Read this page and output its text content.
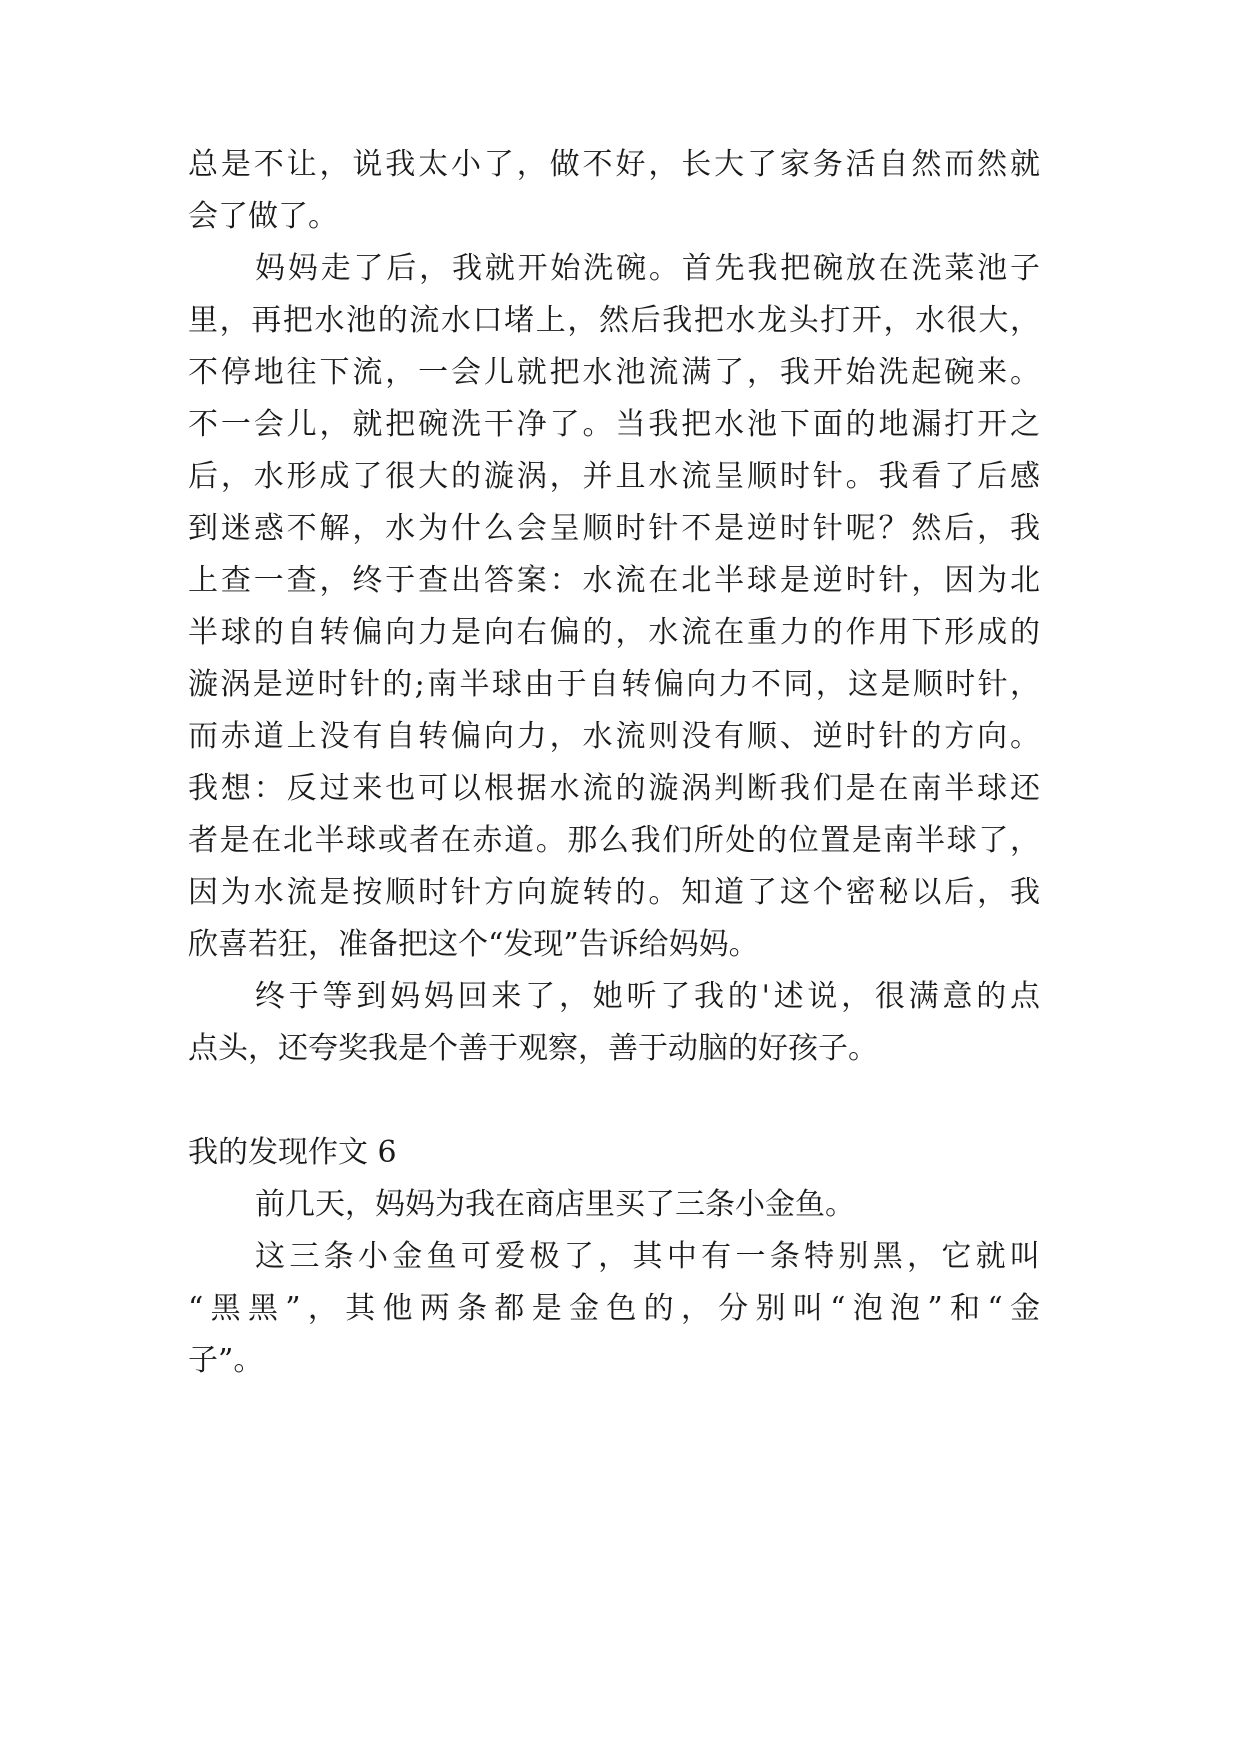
总是不让，说我太小了，做不好，长大了家务活自然而然就
会了做了。
妈妈走了后，我就开始洗碗。首先我把碗放在洗菜池子
里，再把水池的流水口堵上，然后我把水龙头打开，水很大，
不停地往下流，一会儿就把水池流满了，我开始洗起碗来。
不一会儿，就把碗洗干净了。当我把水池下面的地漏打开之
后，水形成了很大的漩涡，并且水流呈顺时针。我看了后感
到迷惑不解，水为什么会呈顺时针不是逆时针呢？然后，我
上查一查，终于查出答案：水流在北半球是逆时针，因为北
半球的自转偏向力是向右偏的，水流在重力的作用下形成的
漩涡是逆时针的;南半球由于自转偏向力不同，这是顺时针，
而赤道上没有自转偏向力，水流则没有顺、逆时针的方向。
我想：反过来也可以根据水流的漩涡判断我们是在南半球还
者是在北半球或者在赤道。那么我们所处的位置是南半球了，
因为水流是按顺时针方向旋转的。知道了这个密秘以后，我
欣喜若狂，准备把这个“发现”告诉给妈妈。
终于等到妈妈回来了，她听了我的'述说，很满意的点
点头，还夸奖我是个善于观察，善于动脑的好孩子。
我的发现作文 6
前几天，妈妈为我在商店里买了三条小金鱼。
这三条小金鱼可爱极了，其中有一条特别黑，它就叫
“黑黑”，其他两条都是金色的，分别叫“泡泡”和“金
子”。
